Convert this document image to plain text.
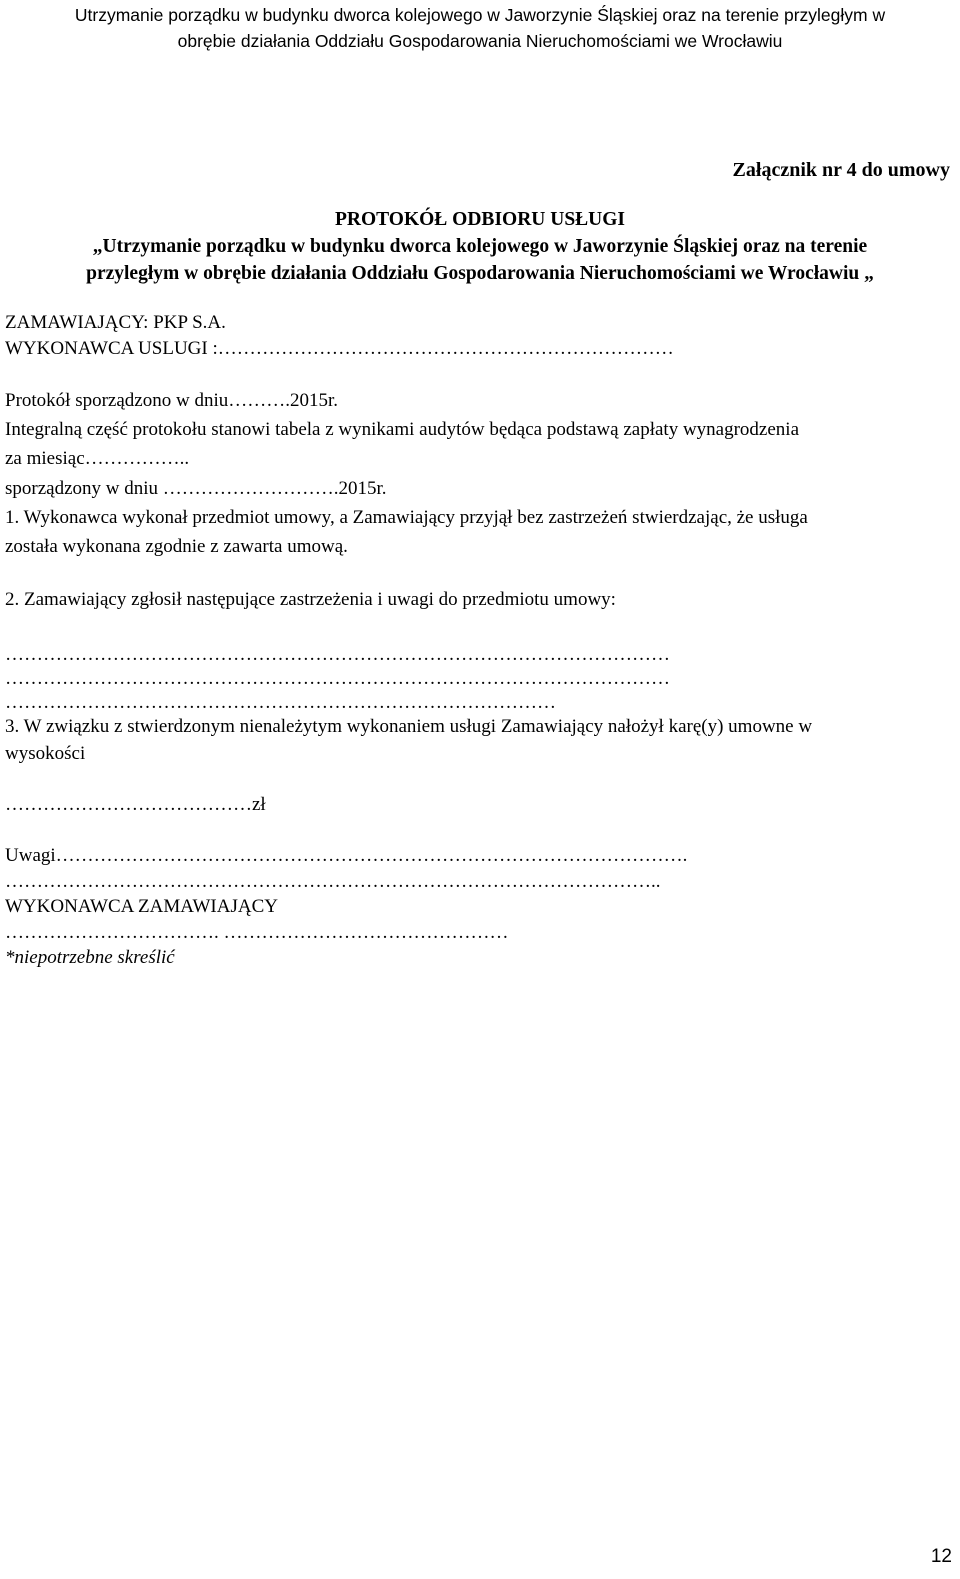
Utrzymanie porządku w budynku dworca kolejowego w Jaworzynie Śląskiej oraz na terenie przyległym w
obrębie działania Oddziału Gospodarowania Nieruchomościami we Wrocławiu
Załącznik nr 4 do umowy
PROTOKÓŁ ODBIORU USŁUGI
„Utrzymanie porządku w budynku dworca kolejowego w Jaworzynie Śląskiej oraz na terenie
przyległym w obrębie działania Oddziału Gospodarowania Nieruchomościami we Wrocławiu „
ZAMAWIAJĄCY: PKP S.A.
WYKONAWCA USLUGI :………………………………………………………………
Protokół sporządzono w dniu……….2015r.
Integralną część protokołu stanowi tabela z wynikami audytów będąca podstawą zapłaty wynagrodzenia
za miesiąc……………..
sporządzony w dniu ……………………….2015r.
1. Wykonawca wykonał przedmiot umowy, a Zamawiający przyjął bez zastrzeżeń stwierdzając, że usługa
została wykonana zgodnie z zawarta umową.
2. Zamawiający zgłosił następujące zastrzeżenia i uwagi do przedmiotu umowy:
……………………………………………………………………………………………
……………………………………………………………………………………………
……………………………………………………………………………
3. W związku z stwierdzonym nienależytym wykonaniem usługi Zamawiający nałożył karę(y) umowne w
wysokości
…………………………………zł
Uwagi……………………………………………………………………………………….
…………………………………………………………………………………………..
WYKONAWCA ZAMAWIAJĄCY
……………………………. ………………………………………
*niepotrzebne skreślić
12
